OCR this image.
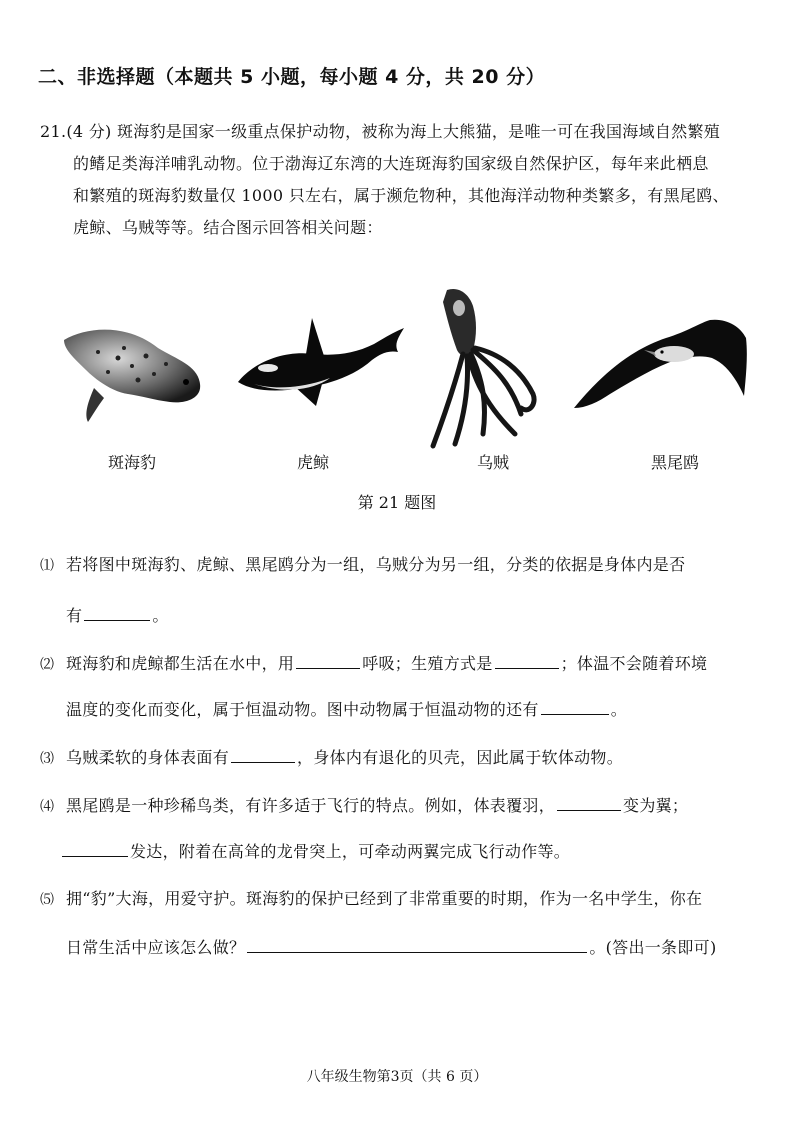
二、非选择题（本题共 5 小题，每小题 4 分，共 20 分）
21.(4 分) 斑海豹是国家一级重点保护动物，被称为海上大熊猫，是唯一可在我国海域自然繁殖
的鳍足类海洋哺乳动物。位于渤海辽东湾的大连斑海豹国家级自然保护区，每年来此栖息
和繁殖的斑海豹数量仅 1000 只左右，属于濒危物种，其他海洋动物种类繁多，有黑尾鸥、
虎鲸、乌贼等等。结合图示回答相关问题：
斑海豹	虎鲸	乌贼	黑尾鸥
第 21 题图
⑴ 若将图中斑海豹、虎鲸、黑尾鸥分为一组，乌贼分为另一组，分类的依据是身体内是否
有	。
⑵ 斑海豹和虎鲸都生活在水中，用	呼吸；生殖方式是	；体温不会随着环境
温度的变化而变化，属于恒温动物。图中动物属于恒温动物的还有	。
⑶ 乌贼柔软的身体表面有	，身体内有退化的贝壳，因此属于软体动物。
⑷ 黑尾鸥是一种珍稀鸟类，有许多适于飞行的特点。例如，体表覆羽，	变为翼；
发达，附着在高耸的龙骨突上，可牵动两翼完成飞行动作等。
⑸ 拥“豹”大海，用爱守护。斑海豹的保护已经到了非常重要的时期，作为一名中学生，你在
日常生活中应该怎么做？	。(答出一条即可)
八年级生物第3页（共 6 页）
